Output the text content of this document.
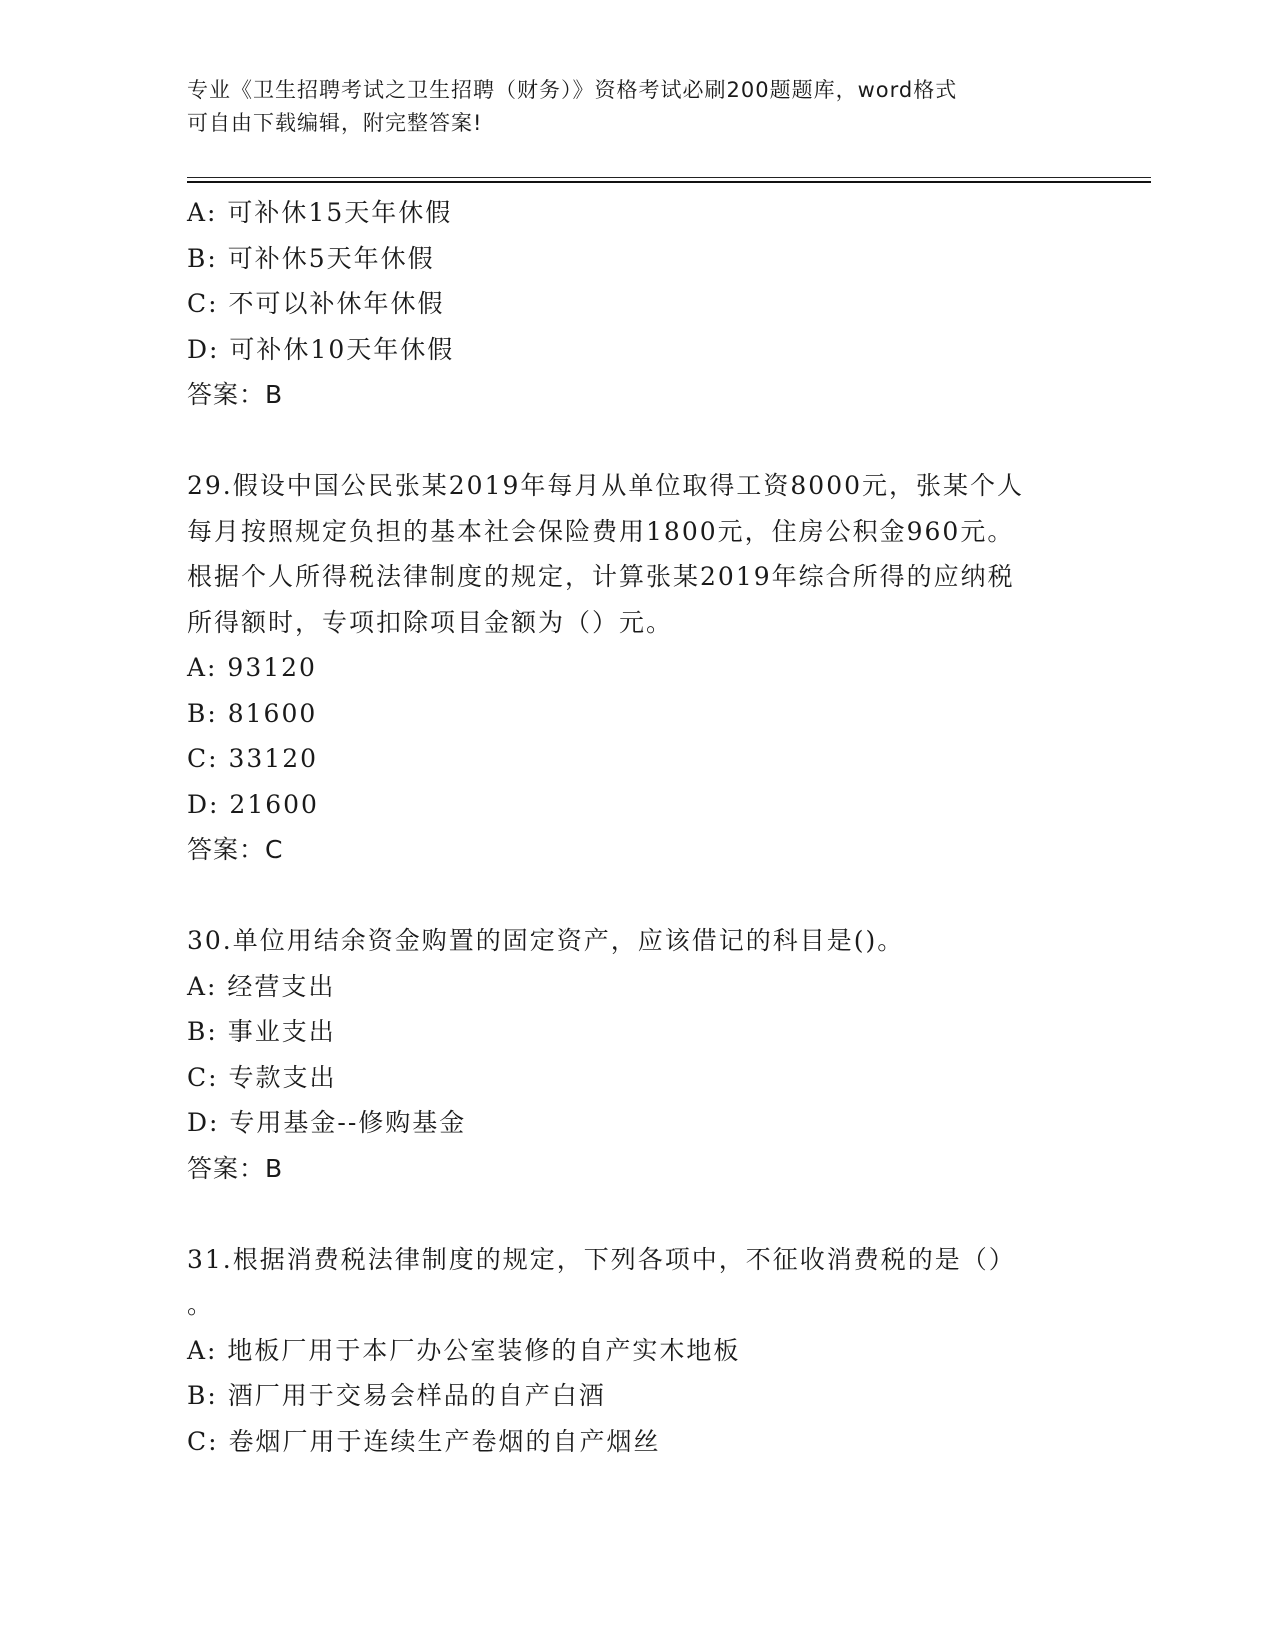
专业《卫生招聘考试之卫生招聘（财务）》资格考试必刷200题题库，word格式
可自由下载编辑，附完整答案!
A: 可补休15天年休假
B: 可补休5天年休假
C: 不可以补休年休假
D: 可补休10天年休假
答案：B
29.假设中国公民张某2019年每月从单位取得工资8000元，张某个人
每月按照规定负担的基本社会保险费用1800元，住房公积金960元。
根据个人所得税法律制度的规定，计算张某2019年综合所得的应纳税
所得额时，专项扣除项目金额为（）元。
A: 93120
B: 81600
C: 33120
D: 21600
答案：C
30.单位用结余资金购置的固定资产，应该借记的科目是()。
A: 经营支出
B: 事业支出
C: 专款支出
D: 专用基金--修购基金
答案：B
31.根据消费税法律制度的规定，下列各项中，不征收消费税的是（）
。
A: 地板厂用于本厂办公室装修的自产实木地板
B: 酒厂用于交易会样品的自产白酒
C: 卷烟厂用于连续生产卷烟的自产烟丝
